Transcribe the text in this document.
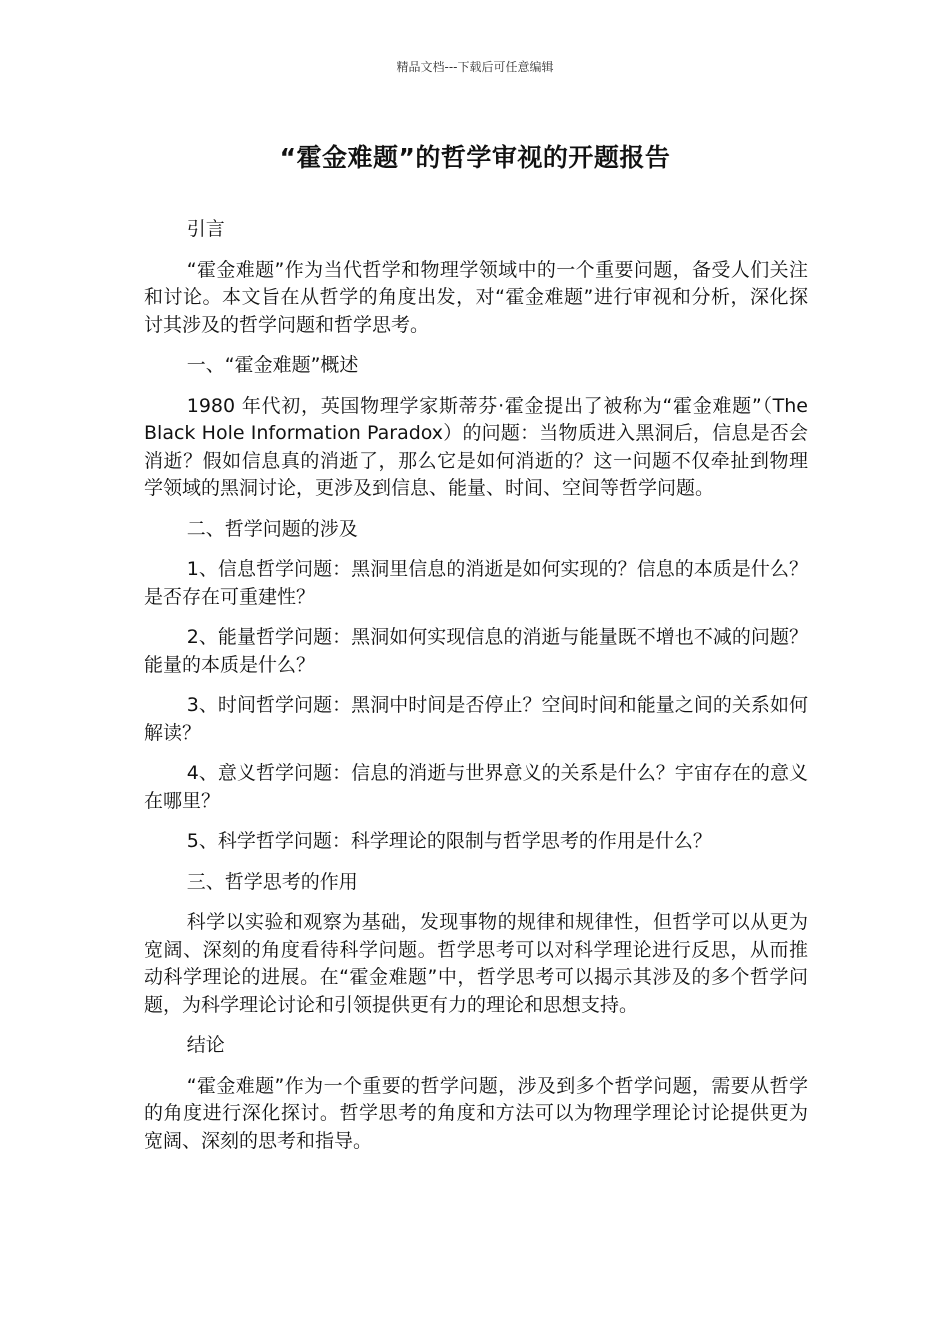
精品文档---下载后可任意编辑
“霍金难题”的哲学审视的开题报告

引言

“霍金难题”作为当代哲学和物理学领域中的一个重要问题，备受人们关注和讨论。本文旨在从哲学的角度出发，对“霍金难题”进行审视和分析，深化探讨其涉及的哲学问题和哲学思考。

一、“霍金难题”概述

1980 年代初，英国物理学家斯蒂芬·霍金提出了被称为“霍金难题”（The Black Hole Information Paradox）的问题：当物质进入黑洞后，信息是否会消逝？假如信息真的消逝了，那么它是如何消逝的？这一问题不仅牵扯到物理学领域的黑洞讨论，更涉及到信息、能量、时间、空间等哲学问题。

二、哲学问题的涉及

1、信息哲学问题：黑洞里信息的消逝是如何实现的？信息的本质是什么？是否存在可重建性？

2、能量哲学问题：黑洞如何实现信息的消逝与能量既不增也不减的问题？能量的本质是什么？

3、时间哲学问题：黑洞中时间是否停止？空间时间和能量之间的关系如何解读？

4、意义哲学问题：信息的消逝与世界意义的关系是什么？宇宙存在的意义在哪里？

5、科学哲学问题：科学理论的限制与哲学思考的作用是什么？

三、哲学思考的作用

科学以实验和观察为基础，发现事物的规律和规律性，但哲学可以从更为宽阔、深刻的角度看待科学问题。哲学思考可以对科学理论进行反思，从而推动科学理论的进展。在“霍金难题”中，哲学思考可以揭示其涉及的多个哲学问题，为科学理论讨论和引领提供更有力的理论和思想支持。

结论

“霍金难题”作为一个重要的哲学问题，涉及到多个哲学问题，需要从哲学的角度进行深化探讨。哲学思考的角度和方法可以为物理学理论讨论提供更为宽阔、深刻的思考和指导。
